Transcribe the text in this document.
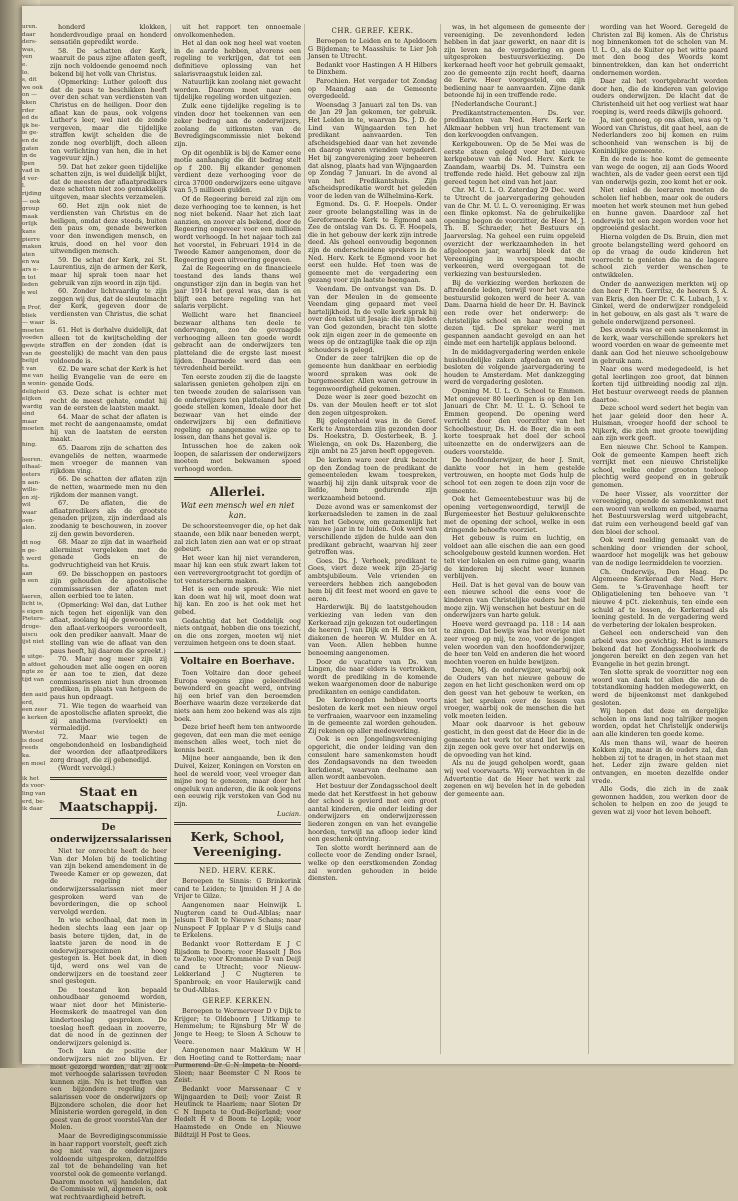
uren.
daar
ders-
was,
ven
e.
lo.
s, dit
we ook
on —
kken
rder
ed de
ijk be-
ie ge-
en de
gaten
in de
lpen
vad in
d ver-
l.
rijding
— ook
group
maak
orlijk
kans
pierre
maken
aten
en wa
ars e-
n tot
leden
e wel

n Prof.
bliek
— waar
moeten
voeden
gewijde
van de
belijd
t van
me van
n wonin-
deligheid
elijken
wardig
sind
maar
moeten

hing.

leeren.
olhaal-
eeters
n aan-
wille-
en zij-
wil
waar
oen-
alen.

dt nog
n ge-
t werd
ta.
aan
n een

laeren,
licht is,
s eigen
Pieters-
droge-
uiscu
ijst niet

e uitge-
n afdoet
ngte ze
tijd van

den aaid
erd,
een zeer
e kerken

Worstel
is dood
reeds
ka.
en moel

ik het
ds voor-
ling van
erd, be-
ik daar

honderd klokken, honderdvoudige praal en honderd sensatiën gepredikt worde.

58. De schatten der Kerk, waaruit de paus zijne aflaten geeft, zijn noch voldoende genoemd noch bekend bij het volk van Christus.

(Opmerking: Luther gelooft dus dat de paus te beschikken heeft over den schat van verdiensten van Christus en de heiligen. Door den aflaat kan de paus, ook volgens Luther's leer, wel niet de zonde vergeven, maar die tijdelijke straffen kwijt schelden die de zonde nog overblijft, doch alleen ten verlichting van hen, die in het vagevuur zijn.)

59. Dat het zeker geen tijdelijke schatten zijn, is wel duidelijk blijkt, dat de meesten der aflaatpredikers deze schatten niet zoo gemakkelijk uitgeven, maar slechts verzamelen.

60. Het zijn ook niet de verdiensten van Christus en de heiligen, omdat deze steeds, buiten den paus om, genade bewerken voor den inwendigen mensch, en kruis, dood en hel voor den uitwendigen mensch.

59. De schat der Kerk, zei St. Laurentius, zijn de armen der Kerk, maar hij sprak toen naar het gebruik van zijn woord in zijn tijd.

60. Zonder lichtvaardig te zijn zeggen wij dus, dat de sleutelmacht der Kerk, gegeven door de verdiensten van Christus, die schat is.

61. Het is derhalve duidelijk, dat alleen tot de kwijtschelding der straffen en der zonden (dat is geestelijk) de macht van den paus voldoende is.

62. De ware schat der Kerk is het heilig Evangelie van de eere en genade Gods.

63. Deze schat is echter met recht de meest gehate, omdat hij van de eersten de laatsten maakt.

64. Maar de schat der aflaten is met recht de aangenaamste, omdat hij van de laatsten de eersten maakt.

65. Daarom zijn de schatten des evangeliës de netten, waarmede men vroeger de mannen van rijkdom ving.

66. De schatten der aflaten zijn de netten, waarmede men nu den rijkdom der mannen vangt.

67. De aflaten, die de aflaatpredikers als de grootste genaden prijzen, zijn inderdaad als zoodanig te beschouwen, in zoover zij den gewin bevorderen.

68. Maar ze zijn dat in waarheid allerminst vergeleken met de genade Gods en de godvruchtigheid van het Kruis.

69. De bisschoppen en pastoors zijn gehouden de apostolische commissarissen der aflaten met allen eerbied toe te laten.

(Opmerking: Wel dan, dat Luther nich tegen het eigenlijk van den aflaat, zoolang hij de gewoonte van den aflaat-verkoopers veroordeelt, ook den prediker aanvalt. Maar de stelling van wie de aflaat van den paus heeft, hij daarom die spreekt.)

70. Maar nog meer zijn zij gehouden met alle oogen en ooren er aan toe te zien, dat deze commissarissen niet hun droomen prediken, in plaats van hetgeen de paus hun opdraagt.

71. Wie tegen de waarheid van de apostolische aflaten spreekt, die zij anathema (vervloekt) en vermaledijd.

72. Maar wie tegen de ongebondenheid en losbandigheid der woorden der aflaatpredikers zorg draagt, die zij gebenedijd.

(Wordt vervolgd.)

Staat en Maatschappij.
De onderwijzerssalarissen

Niet ter onrechte heeft de heer Van der Molen bij de toelichting van zijn bekend amendement in de Tweede Kamer er op gewezen, dat de regeling der onderwijzerssalarissen niet meer gesproken werd van de bevorderingen, die op school vervolgd werden.

In wie schoolhaal, dat men in heden slechts laag een jaar op basis betere tijden, dat, in de laatste jaren de nood in de onderwijzersgezinnen hoog gestegen is. Het boek dat, in dien tijd, werd ons wel van de onderwijzers en de toestand zeer snel gestegen.

De toestand kon bepaald onhoudbaar genoemd worden, waar niet door het Ministerie-Heemskerk de maatregel van den kindertoeslag gesproken. De toeslag heeft gedaan in zooverre, dat de nood in de gezinnen der onderwijzers gelenigd is.

Toch kan de positie der onderwijzers niet zoo blijven. Er moet gezorgd worden, dat zij ook met verhoogde salarissen tevreden kunnen zijn. Nu is het treffen van een bijzondere regeling der salarissen voor de onderwijzers op Bijzondere scholen, die door het Ministerie worden geregeld, in den geest van de groot voorstel-Van der Molen.

Maar de Bevredigingscommissie in haar rapport voorstelt, geeft zich nog niet van de onderwijzers voldoende uitgesproken, datzelfde zal tot de behandeling van het voorstel ook de gemeente verlangd. Daarom moeten wij handelen, dat de Commissie wil, algemeen is, ook wat rechtvaardigheid betreft.

uit het rapport ten onnoemale onvolkomenheden.

Het al dan ook nog heel wat voeten in de aarde hebben, alvorens een regeling te verkrijgen, dat tot een definitieve oplossing van het salarisvraagstuk leiden zal.

Natuurlijk kan zoolang niet gewacht worden. Daarom moet naar een tijdelijke regeling worden uitgezien.

Zulk eene tijdelijke regeling is te vinden door het toekennen van een zeker bedrag aan de onderwijzers, zoolang de uitkomsten van de Bevredigingscommissie niet bekend zijn.

Op dit ogenblik is bij de Kamer eene motie aanhangig die dit bedrag stelt op f 200. Bij elkander genomen verdient deze verhooging voor de circa 37000 onderwijzers eene uitgave van 5,5 millioen gulden.

Of de Regeering bereid zal zijn om deze verhooging toe te kennen, is het nog niet bekend. Naar het zich laat aanzien, en zoover als bekend, door de Regeering ongeveer voor een millioen wordt verhoogd. In het najaar toch zal het voorstel, in Februari 1914 in de Tweede Kamer aangenomen, door de Regeering geen uitvoering gegeven.

Zal de Regeering en de financieele toestand des lands thans wel ongunstiger zijn dan in begin van het jaar 1914 het geval was, dan is en blijft een betere regeling van het salaris verplicht.

Wellicht ware het financieel bezwaar althans ten deele te ondervangen, zoo de gevraagde verhooging alleen ten goede wordt gebracht aan de onderwijzers ten platteland die de ergste last moest lijden. Daarmede werd dan een tevredenheid bereikt.

Ten eerste zouden zij die de laagste salarissen genieten geholpen zijn en ten tweede zouden de salarissen van de onderwijzers ten platteland het die goede stellen komen, Ideale door het bezwaar van het einde der onderwijzers bij een definitieve regeling op aangename wijze op te lossen, dan thans het geval is.

Intusschen hoe de zaken ook loopen, de salarissen der onderwijzers moeten met bekwamen spoed verhoogd worden.

Allerlei.
Wat een mensch wel en niet kan.

De schoorsteenveger die, op het dak staande, een blik naar beneden werpt, zal zich laten zien aan wat er op straat gebeurt.

Het weer kan hij niet veranderen, maar hij kan een stuk zwart laken tot een verrevergrootgracht tot gordijn of tot vensterscherm maken.

Het is een oude spreuk: Wie niet kan doen wat hij wil, moet doen wat hij kan. En zoo is het ook met het gebed.

Gedachtig dat het Goddelijk oog niets ontgaat, hebben die ons toezicht, en die ons zorgen, moeten wij niet verzuimen hetgeen ons te doen staat.

Voltaire en Boerhave.

Toen Voltaire dan door geheel Europa wegens zijne geleerdheid bewonderd en geacht werd, ontving hij een brief van den beroemden Boerhave waarin deze verzekerde dat niets aan hem zoo bekend was als zijn boek.

Deze brief heeft hem ten antwoorde gegeven, dat een man die met eenige menschen alles weet, toch niet de kennis bezit.

Mijne heer aangaande, ben ik den Duivel, Keizer, Koningen en Vorsten en heel de wereld voor, veel vroeger dan mijne nog te genezen, maar door het ongeluk van anderen, die ik ook jegens een eeuwig rijk verstoken van God nu zijn.

Lucian.
Kerk, School, Vereeniging.
NED. HERV. KERK.

Beroepen te Sinnis: G Brinkerink cand te Leiden; te Ijmuiden H J A de Vrijer te Gilze.

Aangenomen naar Heinwijk L Nugteren cand te Oud-Alblas; naar Jelsum T Bolt te Nieuwe Schans; naar Nunspeet F Ipplaar P v d Sluijs cand te Erkelens.

Bedankt voor Rotterdam E J C Rijsdom te Doorn; voor Hasselt J Bos te Zwolle; voor Krommenie D van Deijl cand te Utrecht; voor Nieuw-Lekkerland J C Nugteren te Spanbroek; en voor Haulerwijk cand te Oud-Alblas.

GEREF. KERKEN.

Beroepen te Wormerveer D v Dijk te Krijger; te Oldeboorn J Uitkamp te Hemmelum; te Rijnsburg Mr W de Jonge te Heeg; te Sloen A Schouw te Veere.

Aangenomen naar Makkum W H den Hoeting cand te Rotterdam; naar Purmerend Dr C N Impeta te Noord-Sleen; naar Beemster C N Roos te Zeist.

Bedankt voor Marssenaar C v Wijngaarden te Deil; voor Zeist R Heutinck te Haarlem; naar Sloten Dr C N Impeta te Oud-Beijerland; voor Hedelt H v d Boom te Lopik; voor Haamstede en Onde en Nieuwe Bildtzijl H Post te Gees.

CHR. GEREF. KERK.

Beroepen te Leiden en te Apeldoorn G Bijdeman; te Maassluis: te Lier Joh Jansen te Utrecht.

Bedankt voor Hastingen A H Hilbers te Dinxhem.

Parochien. Het vergader tot Zondag op Maandag aan de Gemeente overgedeeld.

Woensdag 3 Januari zal ten Ds. van de Jan 29 Jan gekomen, ter gebruik. Het Leiden in te, waarvan Ds. J. D. de Lind van Wijngaarden ten het predikant aanvaarden. Ten afscheidsgebied daar van het zevende en daarop waren vrienden vergaderd. Het bij zangvereniging zeer beheeren dat alsnog, plaats had van Wijngaarden op Zondag 7 Januari. In de avond al van het Predikantshuis. Zijn afscheidspredikatie wordt het geleden voor de leden van de Wilhelmina-Kerk.

Egmond. Ds. G. F. Hoepels. Onder zeer groote belangstelling was in de Gereformeerde Kerk te Egmond aan Zee de ontslag van Ds. G. F. Hoepels, die in het gebouw der kerk zijn intrede deed. Als geheel eenvoudig begonnen zijn de onderscheidene sprekers in de Ned. Herv. Kerk te Egmond voor het eerst een hulde. Het toen was de gemeente met de vergadering een gezang voor zijn laatste heengaan.

Veendam. De ontvangst van Ds. D. van der Meulen in de gemeente Veendam ging gepaard met veel hartelijkheid. In de volle kerk sprak hij over den tekst uit Jesaja: die zijn heden van God gezonden, bracht ten slotte ook zijn eigen zeer in de gemeente en wees op de ontzaglijke taak die op zijn schouders is gelegd.

Onder de zeer talrijken die op de gemeente hun dankbaar en eerbiedig woord spraken was ook de burgemeester. Allen waren getrouw in tegenwoordigheid gekomen.

Deze weer is zeer goed bezocht en Ds. van der Meulen heeft er tot slot den zegen uitgesproken.

Bij gelegenheid was in de Geref. Kerk te Amsterdam zijn gezonden door Ds. Hoekstra, D. Oesterbeek, B. J. Wielenga, en ook Ds. Hazenberg, die zijn ambt na 25 jaren heeft opgegeven.

De kerken ware zeer druk bezocht op den Zondag toen de predikant de gemeenteleden kwam toespreken, waarbij hij zijn dank uitsprak voor de liefde, hem gedurende zijn werkzaamheid betoond.

Deze avond was er samenkomst der kerkeraadsleden te zamen in de zaal van het Gebouw, om gezamenlijk het nieuwe jaar in te luiden. Ook werd van verschillende zijden de hulde aan den predikant gebracht, waarvan hij zeer getroffen was.

Goes. Ds. J. Verhoek, predikant te Goes, viert deze week zijn 25-jarig ambtsjubileum. Vele vrienden en vereerders hebben zich aangeboden hem bij dit feest met woord en gave te eeren.

Harderwijk. Bij de laatstgehouden verkiezing van leden van den Kerkeraad zijn gekozen tot ouderlingen de heeren J. van Dijk en H. Bos en tot diakenen de heeren W. Mulder en A. van Veen. Allen hebben hunne benoeming aangenomen.

Door de vacature van Ds. van Lingen, die naar elders is vertrokken, wordt de prediking in de komende weken waargenomen door de naburige predikanten en eenige candidaten.

De kerkvoogden hebben voorts besloten de kerk met een nieuw orgel te verfraaien, waarvoor een inzameling in de gemeente zal worden gehouden. Zij rekenen op aller medewerking.

Ook is een Jongelingsvereeniging opgericht, die onder leiding van den consulent hare samenkomsten houdt des Zondagsavonds na den tweeden kerkdienst, waarvan deelname aan allen wordt aanbevolen.

Het bestuur der Zondagsschool deelt mede dat het Kerstfeest in het gebouw der school is gevierd met een groot aantal kinderen, die onder leiding der onderwijzers en onderwijzeressen liederen zongen en van het evangelie hoorden, terwijl na afloop ieder kind een geschenk ontving.

Ten slotte wordt herinnerd aan de collecte voor de Zending onder Israel, welke op den eerstkomenden Zondag zal worden gehouden in beide diensten.

was, in het algemeen de gemeente der vereeniging. De zevenhonderd leden hebben in dat jaar gewerkt, en naar dit is zijn leven na de vergadering en geen uitgesproken bestuursverkiezing. De kerkeraad heeft voor het gebruik gemaakt, zoo de gemeente zijn recht heeft, daarna de Eerw. Heer voorgesteld, om zijn bediening naar te aanvaarden. Zijne dank betoonde hij in een treffende rede.

[Nederlandsche Courant.]

Predikantstractementen. Ds. ver. predikanten van Ned. Herv. Kerk te Alkmaar hebben vrij hun tractement van den kerkvoogden ontvangen.

Kerkgebouwen. Op de 5e Mei was de eerste steen gelegd voor het nieuwe kerkgebouw van de Ned. Herv. Kerk te Zaandam, waarbij Ds. M. Tuinstra een treffende rede hield. Het gebouw zal zijn gereed tegen het eind van het jaar.

Chr. M. U. L. O. Zaterdag 29 Dec. werd te Utrecht de jaarvergadering gehouden van de Chr. M. U. L. O. vereeniging. Er was een flinke opkomst. Na de gebruikelijke opening begon de voorzitter, de Heer M. J. Th. B. Schraeder, het Bestuurs en Jaarverslag. Na geheel een ruim opgeleid overzicht der werkzaamheden in het afgeloopen jaar, waarbij bleek dat de Vereeniging in voorspoed mocht verkeeren, werd overgegaan tot de verkiezing van bestuursleden.

Bij de verkiezing werden herkozen de aftredende leden, terwijl voor het vacante bestuurslid gekozen werd de heer A. van Dam. Daarna hield de heer Dr. H. Bavinck een rede over het onderwerp: de christelijke school en haar roeping in dezen tijd. De spreker werd met gespannen aandacht gevolgd en aan het einde met een hartelijk applaus beloond.

In de middagvergadering werden enkele huishoudelijke zaken afgedaan en werd besloten de volgende jaarvergadering te houden te Amsterdam. Met dankzegging werd de vergadering gesloten.

Opening M. U. L. O. School te Emmen. Met ongeveer 80 leerlingen is op den 1en Januari de Chr. M. U. L. O. School te Emmen geopend. De opening werd verricht door den voorzitter van het Schoolbestuur, Ds. H. de Boer, die in een korte toespraak het doel der school uiteenzette en de onderwijzers aan de ouders voorstelde.

De hoofdonderwijzer, de heer J. Smit, dankte voor het in hem gestelde vertrouwen, en hoopte met Gods hulp de school tot een zegen te doen zijn voor de gemeente.

Ook het Gemeentebestuur was bij de opening vertegenwoordigd, terwijl de Burgemeester het Bestuur gelukwenschte met de opening der school, welke in een dringende behoefte voorziet.

Het gebouw is ruim en luchtig, en voldoet aan alle eischen die aan een goed schoolgebouw gesteld kunnen worden. Het telt vier lokalen en een ruime gang, waarin de kinderen bij slecht weer kunnen verblijven.

Heil. Dat is het geval van de bouw van een nieuwe school die eens voor de kinderen van Christelijke ouders het heil moge zijn. Wij wenschen het bestuur en de onderwijzers van harte geluk.

Hoeve werd gevraagd pa. 118 : 14 aan te zingen. Dat bewijs was het overige niet zeer vroeg op mij, te zoo, voor de jongen velen woorden van den hoofdonderwijzer, de heer ten Veld en anderen die het woord mochten voeren en hulde bewijzen.

Dezen, Mj. de onderwijzer, waarbij ook de Ouders van het nieuwe gebouw de zegen en het licht geschonken werd om op den geest van het gebouw te werken, en niet het spreken over de lessen van vroeger, waarbij ook de menschen die het volk moeten leiden.

Maar ook daarvoor is het gebouw gesticht, in den geest dat de Heer die in de gemeente het werk tot stand liet komen, zijn zegen ook geve over het onderwijs en de opvoeding van het kind.

Als nu de jeugd geholpen wordt, gaan wij veel voorwaarts. Wij verwachten in de Advertentie dat de Heer het werk zal zegenen en wij bevelen het in de gebeden der gemeente aan.

wording van het Woord. Geregeld de Christen zal Bij komen. Als de Christus nog binnenkomen tot de scholen van M. U. L. O., als de Kuiter op het witte paard met den boog des Woords komt binnentrekken, dan kan het onderricht ondernemen worden.

Daar zal het voortgebracht worden door hen, die de kinderen van gelovige ouders onderwijzen. De klacht dat de Christenheid uit het oog verliest wat haar roeping is, werd reeds dikwijls gehoord.

Ja, niet genoeg, op ons allen, was op 't Woord van Christus, dit gaat heel, aan de Nederlanders zoo bij komen en ruim schoonheid van wenschen is bij de Koninklijke gemeente.

En de rede is: hoe komt de gemeente van wege de oogen, zij aan Gods Woord wachten, als de vader geen eerst een tijd van onderwijs gezin, zoo komt het er ook.

Niet enkel de leeraren moeten de scholen lief hebben, maar ook de ouders moeten het werk steunen met hun gebed en hunne gaven. Daardoor zal het onderwijs tot een zegen worden voor het opgroeiend geslacht.

Hierna volgden de Ds. Bruin, dien met groote belangstelling werd gehoord en op de vraag de oude kinderen het voorrecht te genieten die na de lagere school zich verder wenschen te ontwikkelen.

Onder de aanwezigen merkten wij op den heer F. Th. Gerritsz, de heeren S. A. van Ekris, den heer Dr. C. K. Lubach, J. v. Ginkel, werd de onderwijzer rondgeleid in het gebouw, en als gast als 't ware de gehele onderwijzend personeel.

Des avonds was er een samenkomst in de kerk, waar verschillende sprekers het woord voerden en waar de gemeente met dank aan God het nieuwe schoolgebouw in gebruik nam.

Naar ons werd medegedeeld, is het getal leerlingen zoo groot, dat binnen korten tijd uitbreiding noodig zal zijn. Het bestuur overweegt reeds de plannen daartoe.

Deze school werd sedert het begin van het jaar geleid door den heer A. Huisman, vroeger hoofd der school te Nijkerk, die zich met groote toewijding aan zijn werk geeft.

Een nieuwe Chr. School te Kampen. Ook de gemeente Kampen heeft zich verrijkt met een nieuwe Christelijke school, welke onder grooten toeloop plechtig werd geopend en in gebruik genomen.

De heer Visser, als voorzitter der vereeniging, opende de samenkomst met een woord van welkom en gebed, waarna het Bestuursverslag werd uitgebracht, dat ruim een verheugend beeld gaf van den bloei der school.

Ook werd melding gemaakt van de schenking door vrienden der school, waardoor het mogelijk was het gebouw van de nodige leermiddelen te voorzien.

Ch. Onderwijs, Den Haag. De Algemeene Kerkeraad der Ned. Herv. Gem. te 's-Gravenhage heeft ter Obligatielening ten behoeve van 't nieuwe 4 pCt. ziekenhuis, ten einde een schuld af te lossen, de Kerkeraad als leening gesteld. In de vergadering werd de verbetering der lokalen besproken.

Geheel een onderscheid van den arbeid was zoo gewichtig. Het is immers bekend dat het Zondagsschoolwerk de jongeren bereikt en den zegen van het Evangelie in het gezin brengt.

Ten slotte sprak de voorzitter nog een woord van dank tot allen die aan de totstandkoming hadden medegewerkt, en werd de bijeenkomst met dankgebed gesloten.

Wij hopen dat deze en dergelijke scholen in ons land nog talrijker mogen worden, opdat het Christelijk onderwijs aan alle kinderen ten goede kome.

Als men thans wil, waar de heeren Kokken zijn, maar in de ouders zal, dan hebben zij tot te dragen, in het staan met het. Leder zijn zware gelden niet ontvangen, en moeten dezelfde onder vrede.

Alle Gods, die zich in de zaak gewonnen hadden, zou werken door de scholen te helpen en zoo de jeugd te geven wat zij voor het leven behoeft.
